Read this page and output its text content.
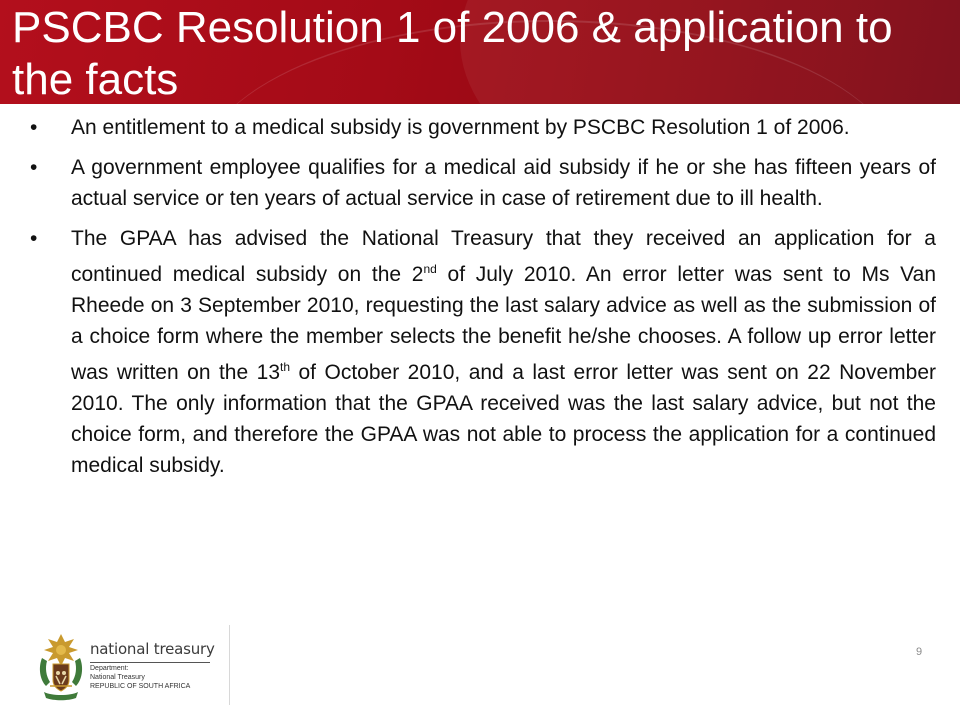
PSCBC Resolution 1 of 2006 & application to the facts

• An entitlement to a medical subsidy is government by PSCBC Resolution 1 of 2006.

• A government employee qualifies for a medical aid subsidy if he or she has fifteen years of actual service or ten years of actual service in case of retirement due to ill health.

• The GPAA has advised the National Treasury that they received an application for a continued medical subsidy on the 2nd of July 2010. An error letter was sent to Ms Van Rheede on 3 September 2010, requesting the last salary advice as well as the submission of a choice form where the member selects the benefit he/she chooses. A follow up error letter was written on the 13th of October 2010, and a last error letter was sent on 22 November 2010. The only information that the GPAA received was the last salary advice, but not the choice form, and therefore the GPAA was not able to process the application for a continued medical subsidy.

national treasury
Department:
National Treasury
REPUBLIC OF SOUTH AFRICA
9
